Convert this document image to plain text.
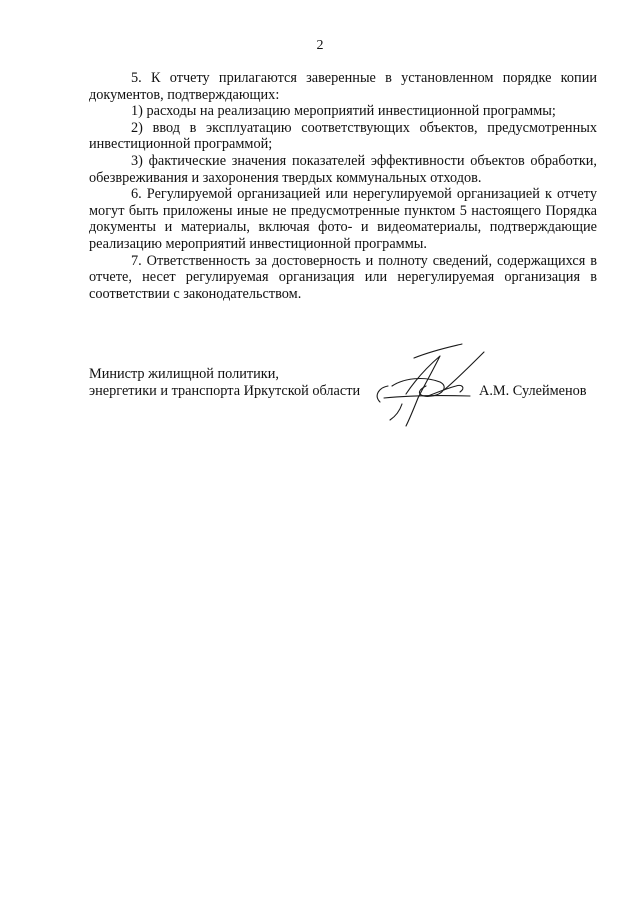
2

5. К отчету прилагаются заверенные в установленном порядке копии документов, подтверждающих:

1) расходы на реализацию мероприятий инвестиционной программы;

2) ввод в эксплуатацию соответствующих объектов, предусмотренных инвестиционной программой;

3) фактические значения показателей эффективности объектов обработки, обезвреживания и захоронения твердых коммунальных отходов.

6. Регулируемой организацией или нерегулируемой организацией к отчету могут быть приложены иные не предусмотренные пунктом 5 настоящего Порядка документы и материалы, включая фото- и видеоматериалы, подтверждающие реализацию мероприятий инвестиционной программы.

7. Ответственность за достоверность и полноту сведений, содержащихся в отчете, несет регулируемая организация или нерегулируемая организация в соответствии с законодательством.

Министр жилищной политики,
энергетики и транспорта Иркутской области	А.М. Сулейменов
